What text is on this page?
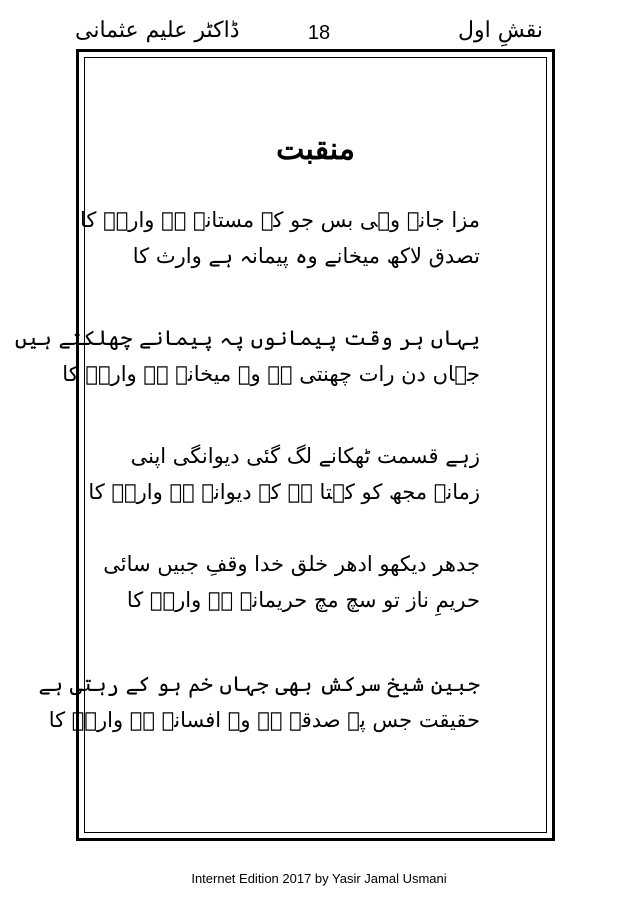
نقشِ اول
18
ڈاکٹر علیم عثمانی
منقبت
مزا جانے وہی بس جو کہ مستانہ ہے وارثؒ کا
تصدق لاکھ میخانے وہ پیمانہ ہے وارث کا
یہاں ہر وقت پیمانوں پہ پیمانے چھلکتے ہیں
جہاں دن رات چھنتی ہے وہ میخانہ ہے وارثؒ کا
زہے قسمت ٹھکانے لگ گئی دیوانگی اپنی
زمانہ مجھ کو کہتا ہے کہ دیوانہ ہے وارثؒ کا
جدھر دیکھو ادھر خلق خدا وقفِ جبیں سائی
حریمِ ناز تو سچ مچ حریمانہ ہے وارثؒ کا
جبین شیخ سرکش بھی جہاں خم ہو کے رہتی ہے
حقیقت جس پہ صدقے ہے وہ افسانہ ہے وارثؒ کا
Internet Edition 2017 by Yasir Jamal Usmani
